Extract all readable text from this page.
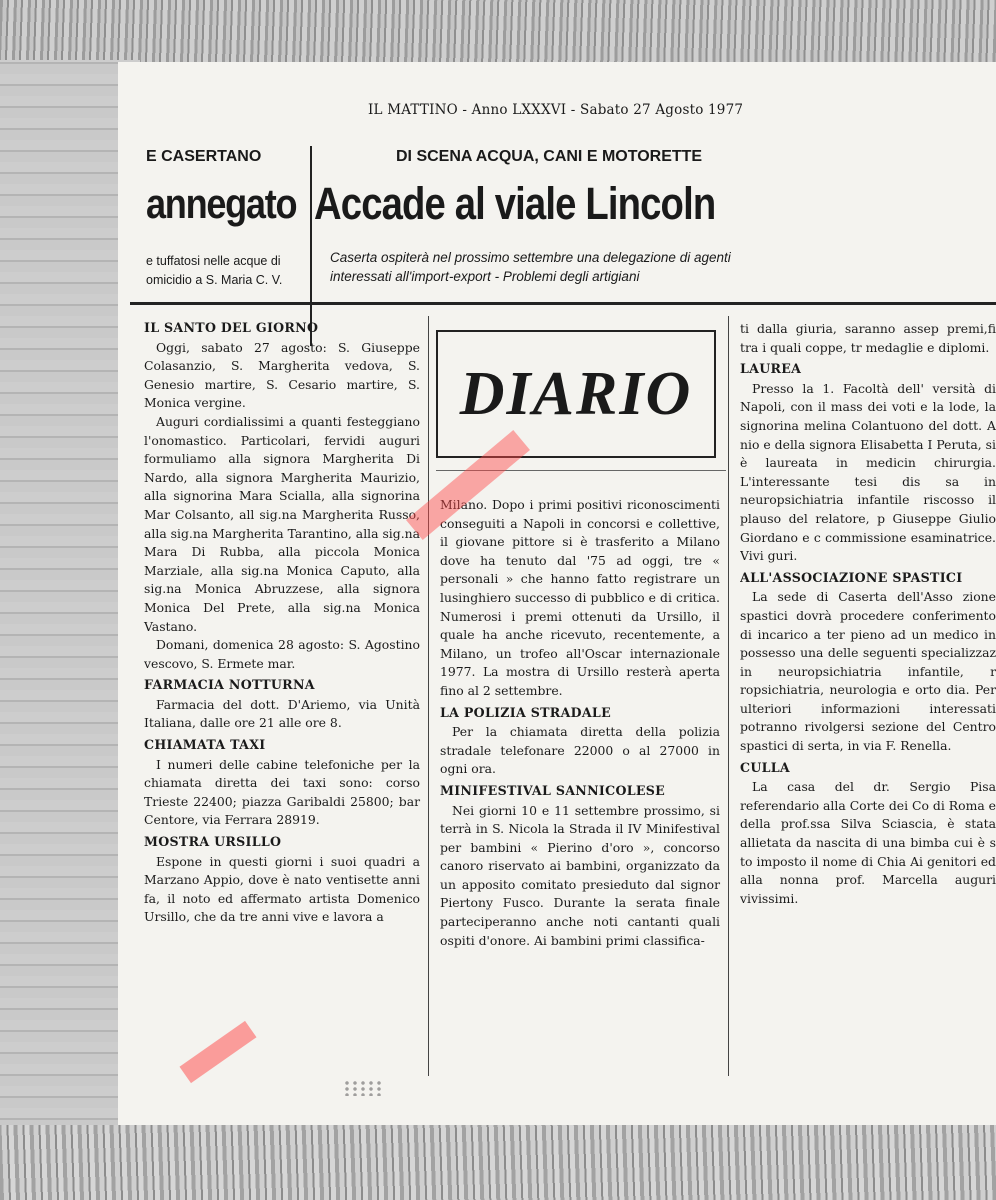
IL MATTINO - Anno LXXXVI - Sabato 27 Agosto 1977
E CASERTANO
annegato
e tuffatosi nelle acque di omicidio a S. Maria C. V.
DI SCENA ACQUA, CANI E MOTORETTE
Accade al viale Lincoln
Caserta ospiterà nel prossimo settembre una delegazione di agenti interessati all'import-export - Problemi degli artigiani
IL SANTO DEL GIORNO

Oggi, sabato 27 agosto: S. Giuseppe Colasanzio, S. Margherita vedova, S. Genesio martire, S. Cesario martire, S. Monica vergine.

Auguri cordialissimi a quanti festeggiano l'onomastico. Particolari, fervidi auguri formuliamo alla signora Margherita Di Nardo, alla signora Margherita Maurizio, alla signorina Mara Scialla, alla signorina Mar Colsanto, all sig.na Margherita Russo, alla sig.na Margherita Tarantino, alla sig.na Mara Di Rubba, alla piccola Monica Marziale, alla sig.na Monica Caputo, alla sig.na Monica Abruzzese, alla signora Monica Del Prete, alla sig.na Monica Vastano.

Domani, domenica 28 agosto: S. Agostino vescovo, S. Ermete mar.

FARMACIA NOTTURNA

Farmacia del dott. D'Ariemo, via Unità Italiana, dalle ore 21 alle ore 8.

CHIAMATA TAXI

I numeri delle cabine telefoniche per la chiamata diretta dei taxi sono: corso Trieste 22400; piazza Garibaldi 25800; bar Centore, via Ferrara 28919.

MOSTRA URSILLO

Espone in questi giorni i suoi quadri a Marzano Appio, dove è nato ventisette anni fa, il noto ed affermato artista Domenico Ursillo, che da tre anni vive e lavora a

DIARIO

Milano. Dopo i primi positivi riconoscimenti conseguiti a Napoli in concorsi e collettive, il giovane pittore si è trasferito a Milano dove ha tenuto dal '75 ad oggi, tre « personali » che hanno fatto registrare un lusinghiero successo di pubblico e di critica. Numerosi i premi ottenuti da Ursillo, il quale ha anche ricevuto, recentemente, a Milano, un trofeo all'Oscar internazionale 1977. La mostra di Ursillo resterà aperta fino al 2 settembre.

LA POLIZIA STRADALE

Per la chiamata diretta della polizia stradale telefonare 22000 o al 27000 in ogni ora.

MINIFESTIVAL SANNICOLESE

Nei giorni 10 e 11 settembre prossimo, si terrà in S. Nicola la Strada il IV Minifestival per bambini « Pierino d'oro », concorso canoro riservato ai bambini, organizzato da un apposito comitato presieduto dal signor Piertony Fusco. Durante la serata finale parteciperanno anche noti cantanti quali ospiti d'onore. Ai bambini primi classifica-

ti dalla giuria, saranno assep premi,fi tra i quali coppe, tr medaglie e diplomi.

LAUREA

Presso la 1. Facoltà dell' versità di Napoli, con il mass dei voti e la lode, la signorina melina Colantuono del dott. A nio e della signora Elisabetta I Peruta, si è laureata in medicin chirurgia. L'interessante tesi dis sa in neuropsichiatria infantile riscosso il plauso del relatore, p Giuseppe Giulio Giordano e c commissione esaminatrice. Vivi guri.

ALL'ASSOCIAZIONE SPASTICI

La sede di Caserta dell'Asso zione spastici dovrà procedere conferimento di incarico a ter pieno ad un medico in possesso una delle seguenti specializzaz in neuropsichiatria infantile, r ropsichiatria, neurologia e orto dia. Per ulteriori informazioni interessati potranno rivolgersi sezione del Centro spastici di serta, in via F. Renella.

CULLA

La casa del dr. Sergio Pisa referendario alla Corte dei Co di Roma e della prof.ssa Silva Sciascia, è stata allietata da nascita di una bimba cui è s to imposto il nome di Chia Ai genitori ed alla nonna prof. Marcella auguri vivissimi.
